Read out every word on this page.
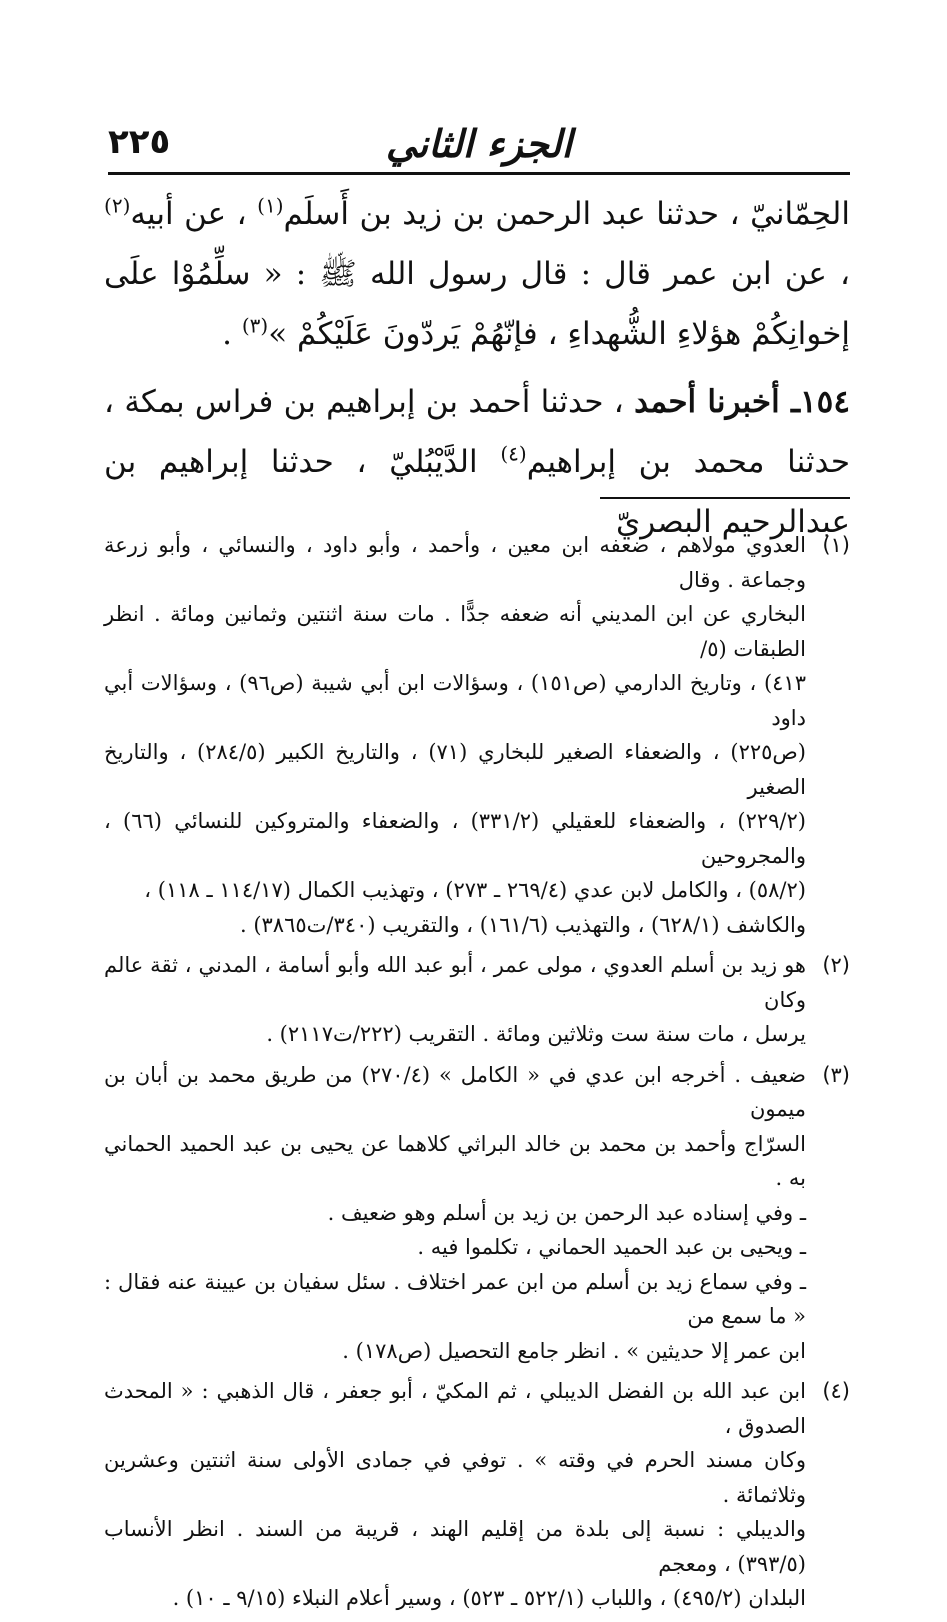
٢٢٥	الجزء الثاني

الحِمّانيّ ، حدثنا عبد الرحمن بن زيد بن أَسلَم$^{(١)}$ ، عن أبيه$^{(٢)}$ ، عن ابن عمر قال : قال رسول الله ﷺ : « سلِّمُوْا علَى إخوانِكُمْ هؤلاءِ الشُّهداءِ ، فإنّهُمْ يَردّونَ عَلَيْكُمْ »$^{(٣)}$ .

١٥٤ـ أخبرنا أحمد ، حدثنا أحمد بن إبراهيم بن فراس بمكة ، حدثنا محمد بن إبراهيم$^{(٤)}$ الدَّيْبُليّ ، حدثنا إبراهيم بن عبدالرحيم البصريّ

(١)
العدوي مولاهم ، ضعفه ابن معين ، وأحمد ، وأبو داود ، والنسائي ، وأبو زرعة وجماعة . وقال
البخاري عن ابن المديني أنه ضعفه جدًّا . مات سنة اثنتين وثمانين ومائة . انظر الطبقات (٥/
٤١٣) ، وتاريخ الدارمي (ص١٥١) ، وسؤالات ابن أبي شيبة (ص٩٦) ، وسؤالات أبي داود
(ص٢٢٥) ، والضعفاء الصغير للبخاري (٧١) ، والتاريخ الكبير (٢٨٤/٥) ، والتاريخ الصغير
(٢٢٩/٢) ، والضعفاء للعقيلي (٣٣١/٢) ، والضعفاء والمتروكين للنسائي (٦٦) ، والمجروحين
(٥٨/٢) ، والكامل لابن عدي (٢٦٩/٤ ـ ٢٧٣) ، وتهذيب الكمال (١١٤/١٧ ـ ١١٨) ،
والكاشف (٦٢٨/١) ، والتهذيب (١٦١/٦) ، والتقريب (٣٤٠/ت٣٨٦٥) .
(٢)
هو زيد بن أسلم العدوي ، مولى عمر ، أبو عبد الله وأبو أسامة ، المدني ، ثقة عالم وكان
يرسل ، مات سنة ست وثلاثين ومائة . التقريب (٢٢٢/ت٢١١٧) .
(٣)
ضعيف . أخرجه ابن عدي في « الكامل » (٢٧٠/٤) من طريق محمد بن أبان بن ميمون
السرّاج وأحمد بن محمد بن خالد البراثي كلاهما عن يحيى بن عبد الحميد الحماني به .
ـ وفي إسناده عبد الرحمن بن زيد بن أسلم وهو ضعيف .
ـ ويحيى بن عبد الحميد الحماني ، تكلموا فيه .
ـ وفي سماع زيد بن أسلم من ابن عمر اختلاف . سئل سفيان بن عيينة عنه فقال : « ما سمع من
ابن عمر إلا حديثين » . انظر جامع التحصيل (ص١٧٨) .
(٤)
ابن عبد الله بن الفضل الديبلي ، ثم المكيّ ، أبو جعفر ، قال الذهبي : « المحدث الصدوق ،
وكان مسند الحرم في وقته » . توفي في جمادى الأولى سنة اثنتين وعشرين وثلاثمائة .
والديبلي : نسبة إلى بلدة من إقليم الهند ، قريبة من السند . انظر الأنساب (٣٩٣/٥) ، ومعجم
البلدان (٤٩٥/٢) ، واللباب (٥٢٢/١ ـ ٥٢٣) ، وسير أعلام النبلاء (٩/١٥ ـ ١٠) .
